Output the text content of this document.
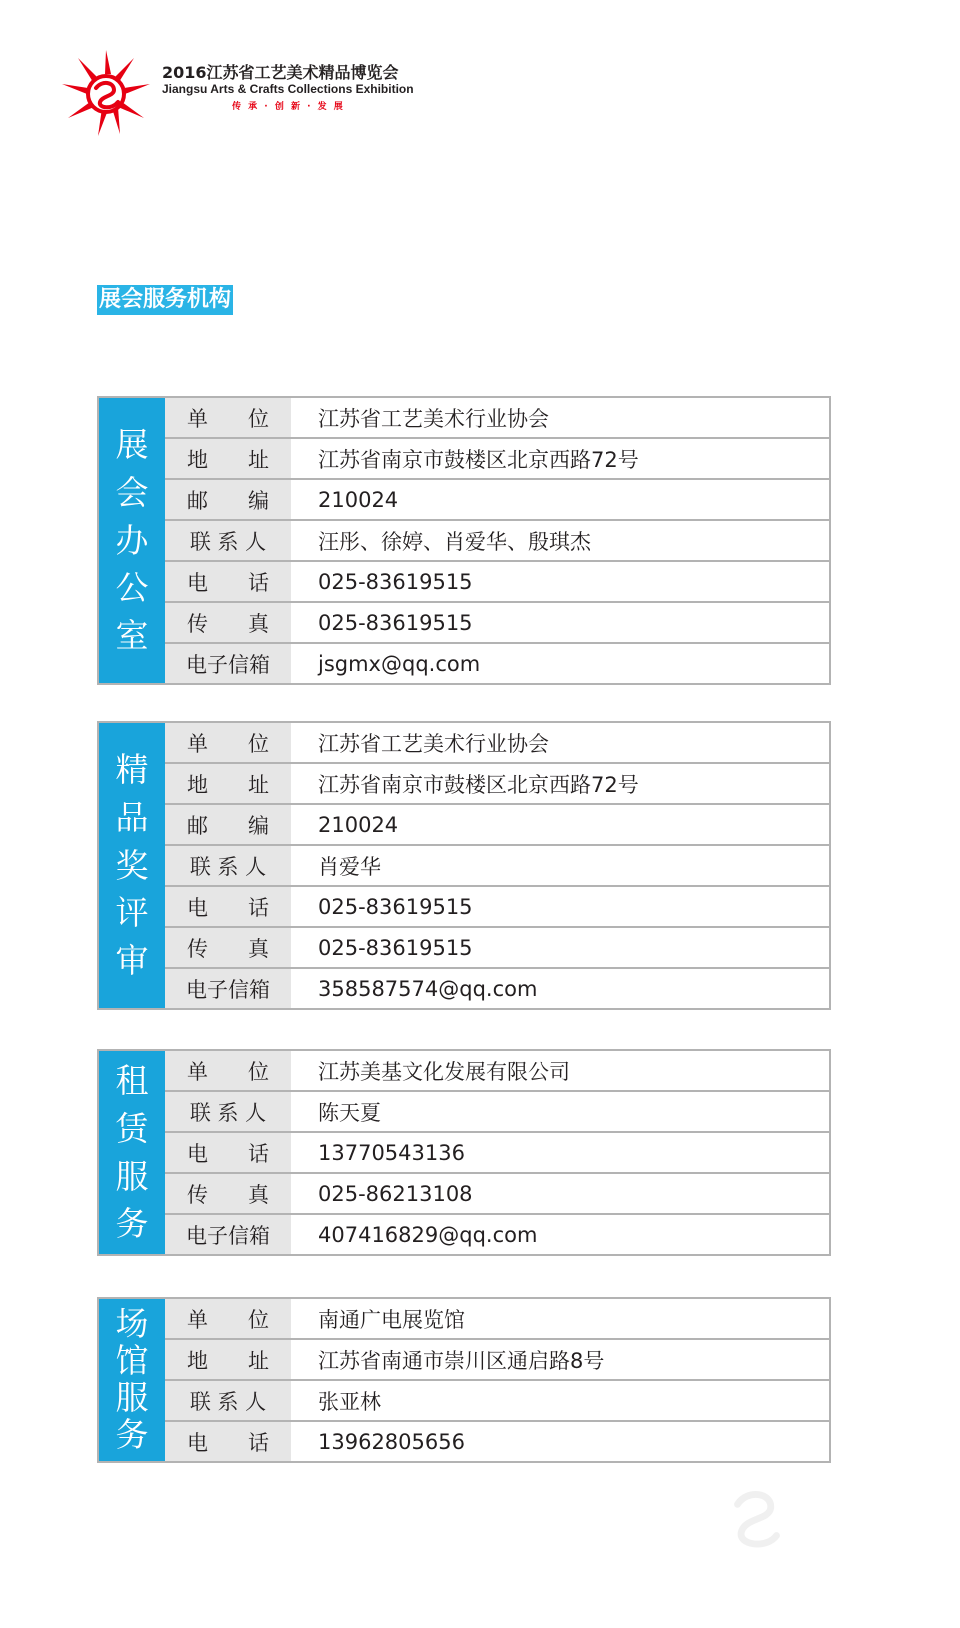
2016江苏省工艺美术精品博览会
Jiangsu Arts & Crafts Collections Exhibition
传 承 · 创 新 · 发 展
展会服务机构
展
会
办
公
室
单      位	江苏省工艺美术行业协会
地      址	江苏省南京市鼓楼区北京西路72号
邮      编	210024
联 系 人	汪彤、徐婷、肖爱华、殷琪杰
电      话	025-83619515
传      真	025-83619515
电子信箱	jsgmx@qq.com
精
品
奖
评
审
单      位	江苏省工艺美术行业协会
地      址	江苏省南京市鼓楼区北京西路72号
邮      编	210024
联 系 人	肖爱华
电      话	025-83619515
传      真	025-83619515
电子信箱	358587574@qq.com
租
赁
服
务
单      位	江苏美基文化发展有限公司
联 系 人	陈天夏
电      话	13770543136
传      真	025-86213108
电子信箱	407416829@qq.com
场
馆
服
务
单      位	南通广电展览馆
地      址	江苏省南通市崇川区通启路8号
联 系 人	张亚林
电      话	13962805656
